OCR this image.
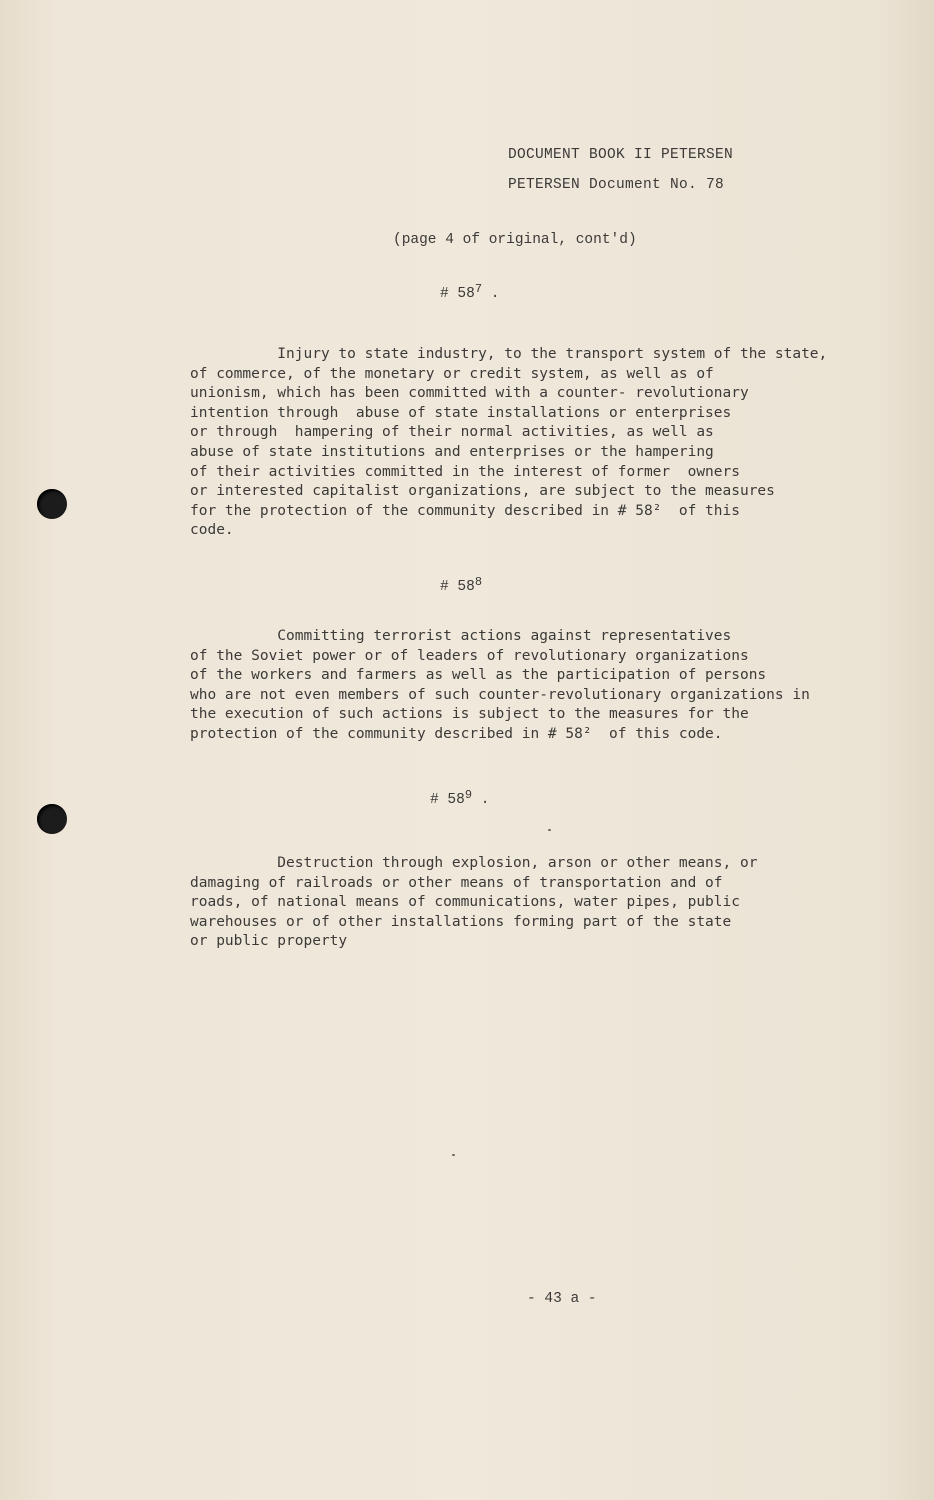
DOCUMENT BOOK II PETERSEN
PETERSEN Document No. 78
(page 4 of original, cont'd)
# $58^7$ .
Injury to state industry, to the transport system of the state,
of commerce, of the monetary or credit system, as well as of
unionism, which has been committed with a counter- revolutionary
intention through  abuse of state installations or enterprises
or through  hampering of their normal activities, as well as
abuse of state institutions and enterprises or the hampering
of their activities committed in the interest of former  owners
or interested capitalist organizations, are subject to the measures
for the protection of the community described in # 58²  of this
code.
# $58^8$
Committing terrorist actions against representatives
of the Soviet power or of leaders of revolutionary organizations
of the workers and farmers as well as the participation of persons
who are not even members of such counter-revolutionary organizations in
the execution of such actions is subject to the measures for the
protection of the community described in # 58²  of this code.
# $58^9$ .
Destruction through explosion, arson or other means, or
damaging of railroads or other means of transportation and of
roads, of national means of communications, water pipes, public
warehouses or of other installations forming part of the state
or public property
- 43 a -
